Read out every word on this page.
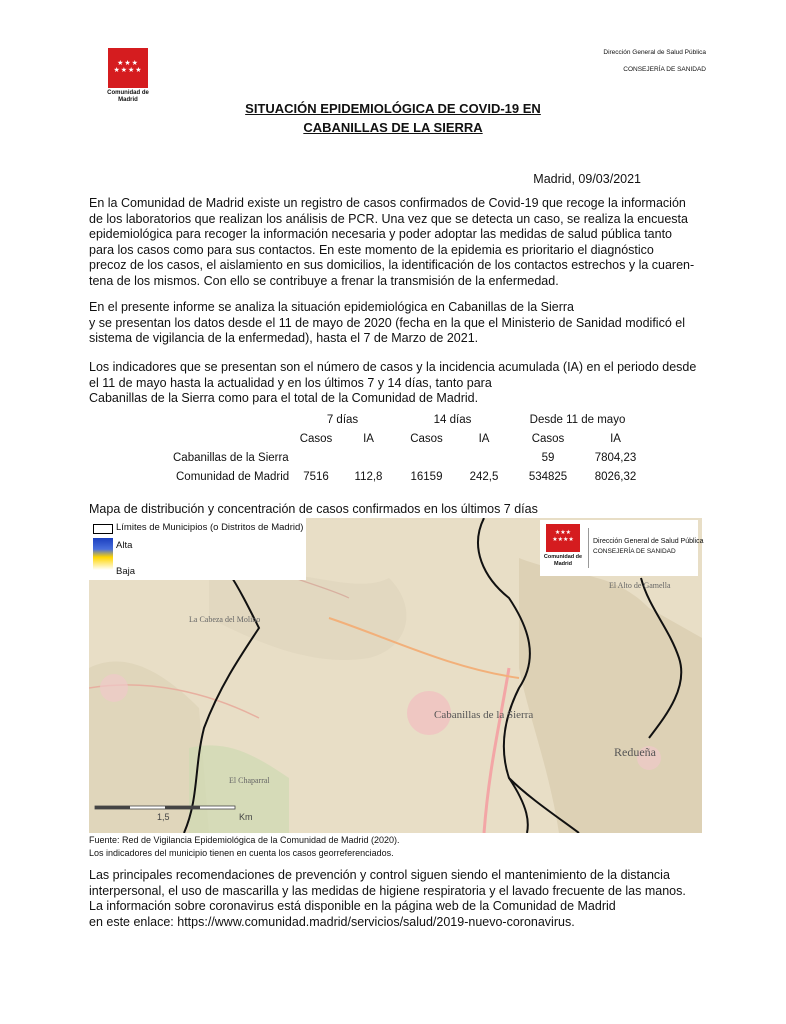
★★★
★★★★
Comunidad de Madrid
Dirección General de Salud Pública
CONSEJERÍA DE SANIDAD
SITUACIÓN EPIDEMIOLÓGICA DE COVID-19 EN
CABANILLAS DE LA SIERRA
Madrid, 09/03/2021
En la Comunidad de Madrid existe un registro de casos confirmados de Covid-19 que recoge la información
de los laboratorios que realizan los análisis de PCR. Una vez que se detecta un caso, se realiza la encuesta
epidemiológica para recoger la información necesaria y poder adoptar las medidas de salud pública tanto
para los casos como para sus contactos. En este momento de la epidemia es prioritario el diagnóstico
precoz de los casos, el aislamiento en sus domicilios, la identificación de los contactos estrechos y la cuaren-
tena de los mismos. Con ello se contribuye a frenar la transmisión de la enfermedad.
En el presente informe se analiza la situación epidemiológica en Cabanillas de la Sierra
y se presentan los datos desde el 11 de mayo de 2020 (fecha en la que el Ministerio de Sanidad modificó el
sistema de vigilancia de la enfermedad), hasta el 7 de Marzo de 2021.
Los indicadores que se presentan son el número de casos y la incidencia acumulada (IA) en el periodo desde
el 11 de mayo hasta la actualidad y en los últimos 7 y 14 días, tanto para
Cabanillas de la Sierra como para el total de la Comunidad de Madrid.
	7 días		14 días		Desde 11 de mayo	
	Casos	IA	Casos	IA	Casos	IA
Cabanillas de la Sierra					59	7804,23
Comunidad de Madrid	7516	112,8	16159	242,5	534825	8026,32
Mapa de distribución y concentración de casos confirmados en los últimos 7 días
Cabanillas de la Sierra
Redueña
El Chaparral
El Alto de Gamella
La Cabeza del Molino
1,5	Km
Límites de Municipios (o Distritos de Madrid)
Alta
Baja
★★★
★★★★
Comunidad de Madrid
Dirección General de Salud Pública
CONSEJERÍA DE SANIDAD
Fuente: Red de Vigilancia Epidemiológica de la Comunidad de Madrid (2020).
Los indicadores del municipio tienen en cuenta los casos georreferenciados.
Las principales recomendaciones de prevención y control siguen siendo el mantenimiento de la distancia
interpersonal, el uso de mascarilla y las medidas de higiene respiratoria y el lavado frecuente de las manos.
La información sobre coronavirus está disponible en la página web de la Comunidad de Madrid
en este enlace: https://www.comunidad.madrid/servicios/salud/2019-nuevo-coronavirus.
